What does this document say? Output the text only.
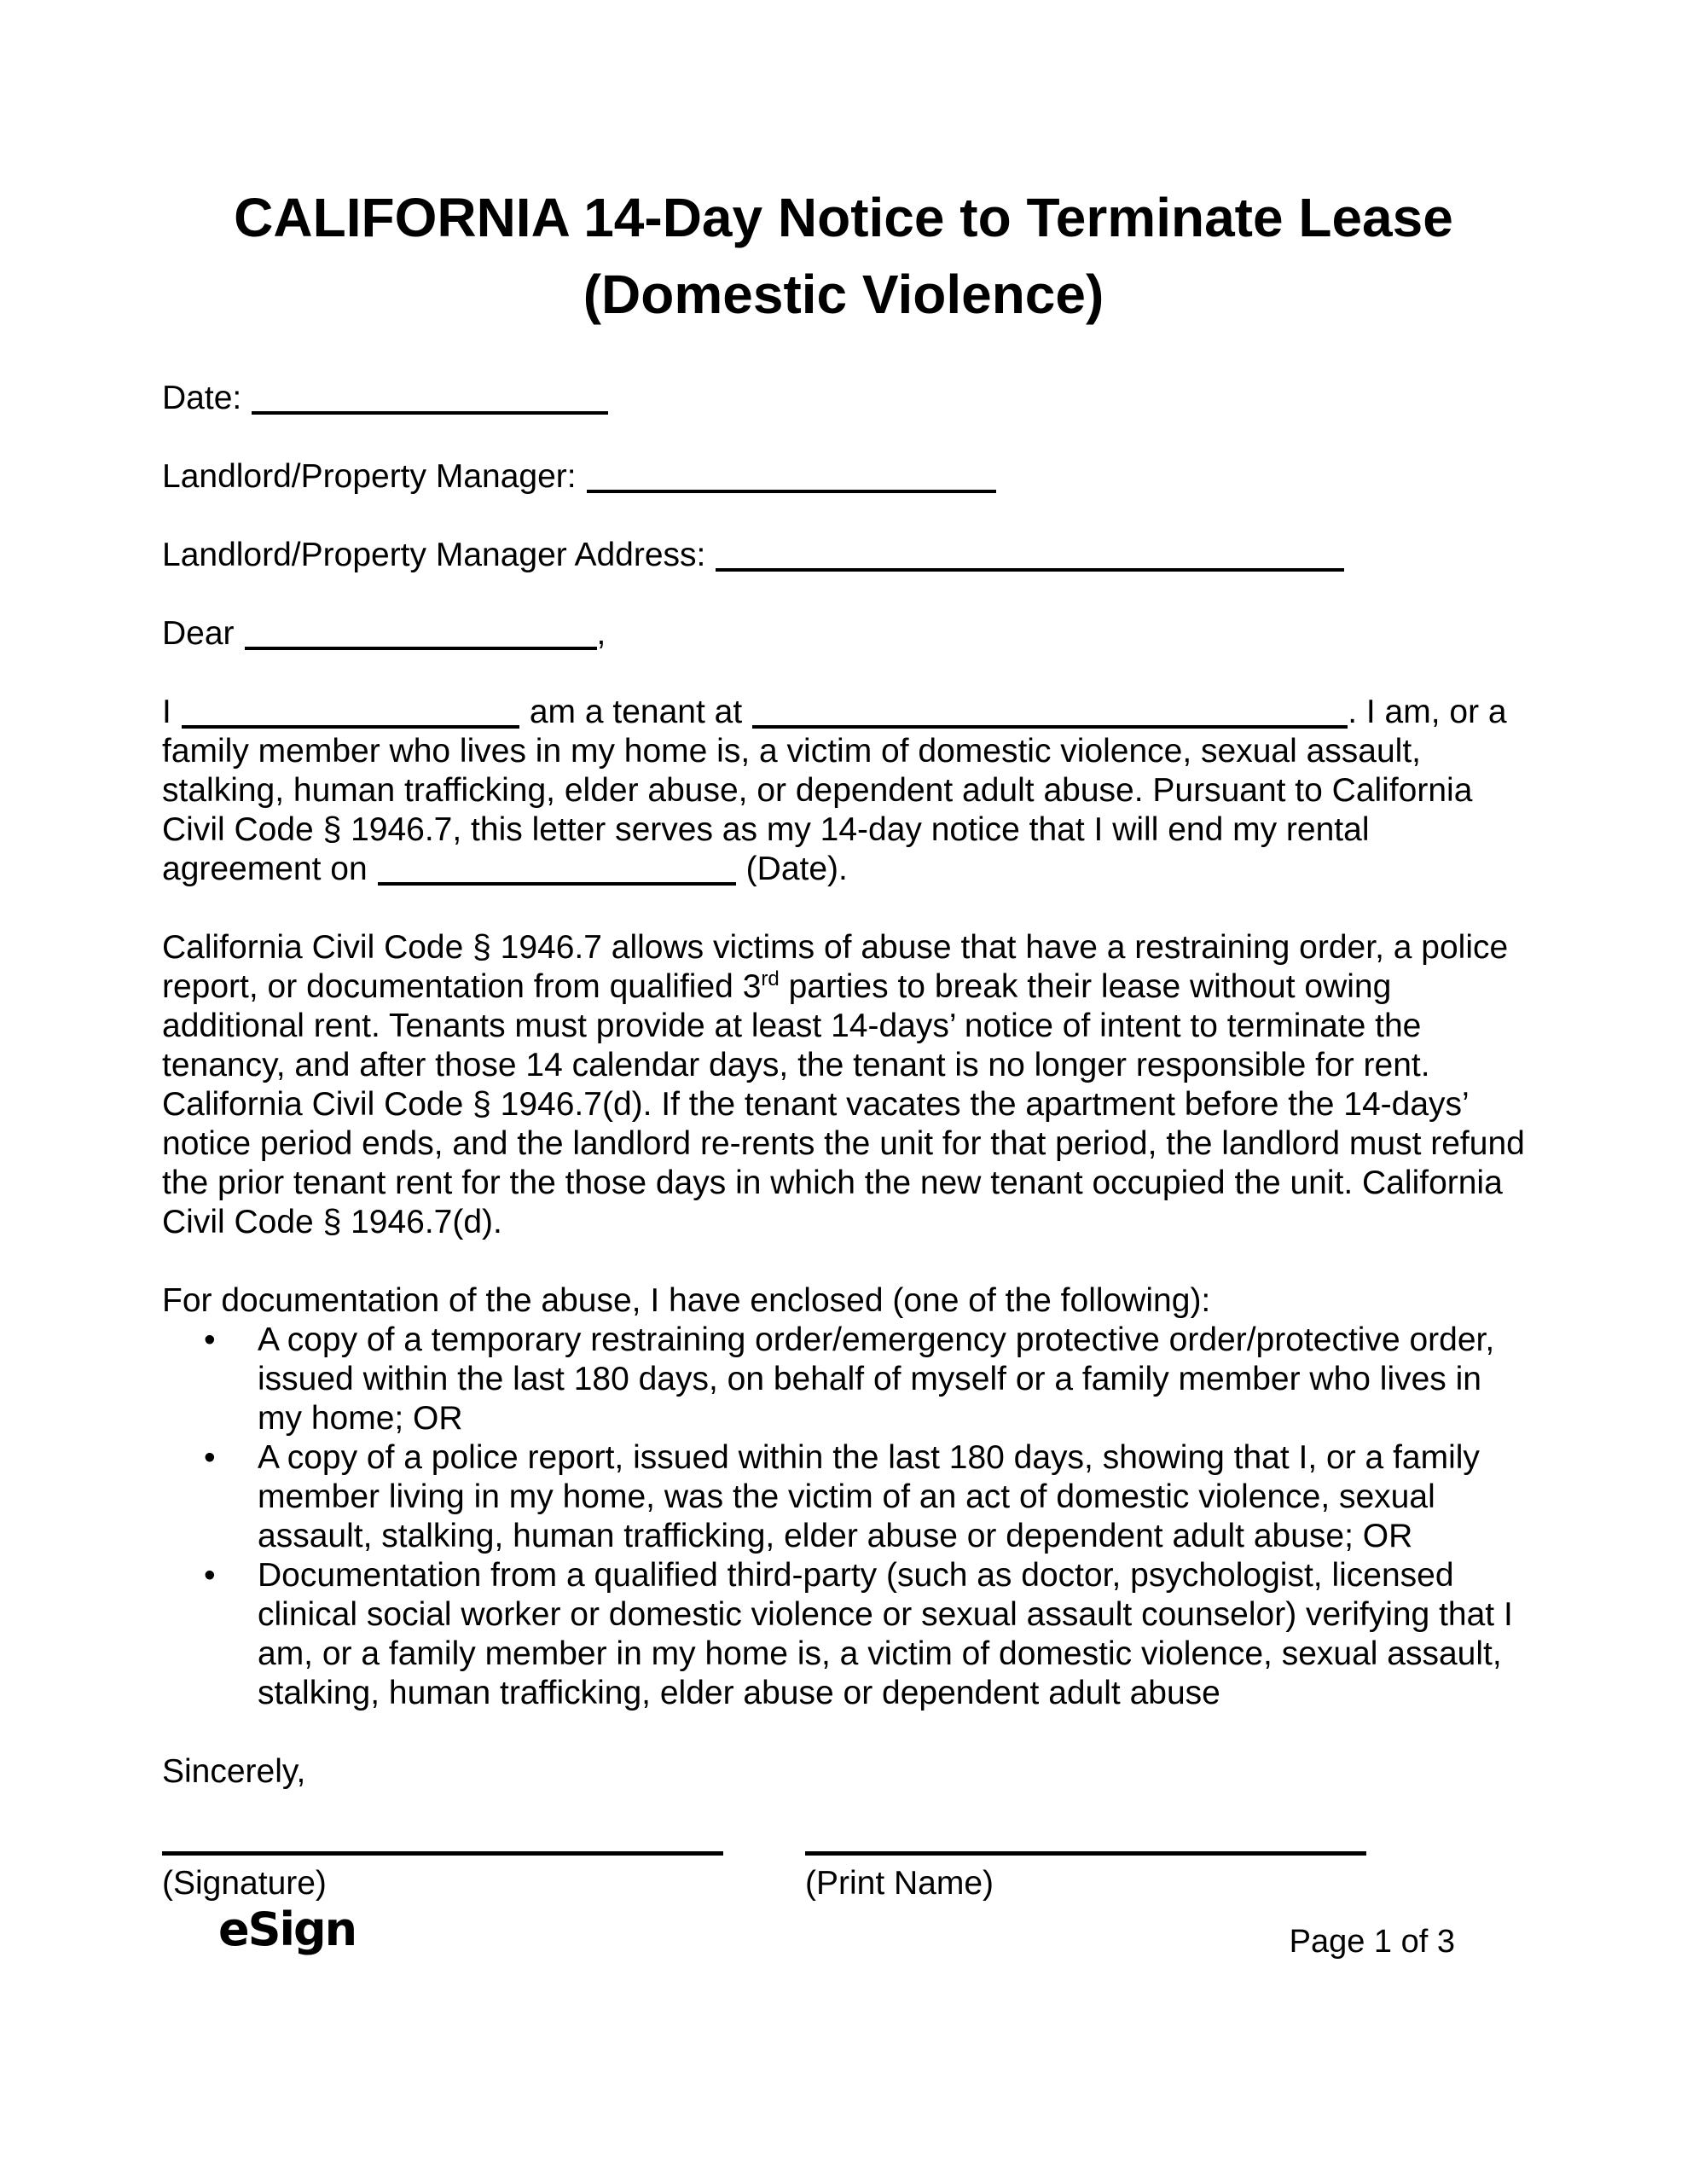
CALIFORNIA 14-Day Notice to Terminate Lease
(Domestic Violence)
Date:
Landlord/Property Manager:
Landlord/Property Manager Address:
Dear	,

I	am a tenant at	. I am, or a family member who lives in my home is, a victim of domestic violence, sexual assault, stalking, human trafficking, elder abuse, or dependent adult abuse. Pursuant to California Civil Code § 1946.7, this letter serves as my 14-day notice that I will end my rental agreement on	(Date).

California Civil Code § 1946.7 allows victims of abuse that have a restraining order, a police report, or documentation from qualified 3rd parties to break their lease without owing additional rent. Tenants must provide at least 14-days’ notice of intent to terminate the tenancy, and after those 14 calendar days, the tenant is no longer responsible for rent. California Civil Code § 1946.7(d). If the tenant vacates the apartment before the 14-days’ notice period ends, and the landlord re-rents the unit for that period, the landlord must refund the prior tenant rent for the those days in which the new tenant occupied the unit. California Civil Code § 1946.7(d).

For documentation of the abuse, I have enclosed (one of the following):

• A copy of a temporary restraining order/emergency protective order/protective order, issued within the last 180 days, on behalf of myself or a family member who lives in my home; OR
• A copy of a police report, issued within the last 180 days, showing that I, or a family member living in my home, was the victim of an act of domestic violence, sexual assault, stalking, human trafficking, elder abuse or dependent adult abuse; OR
• Documentation from a qualified third-party (such as doctor, psychologist, licensed clinical social worker or domestic violence or sexual assault counselor) verifying that I am, or a family member in my home is, a victim of domestic violence, sexual assault, stalking, human trafficking, elder abuse or dependent adult abuse

Sincerely,

(Signature)	(Print Name)
eSign	Page 1 of 3
